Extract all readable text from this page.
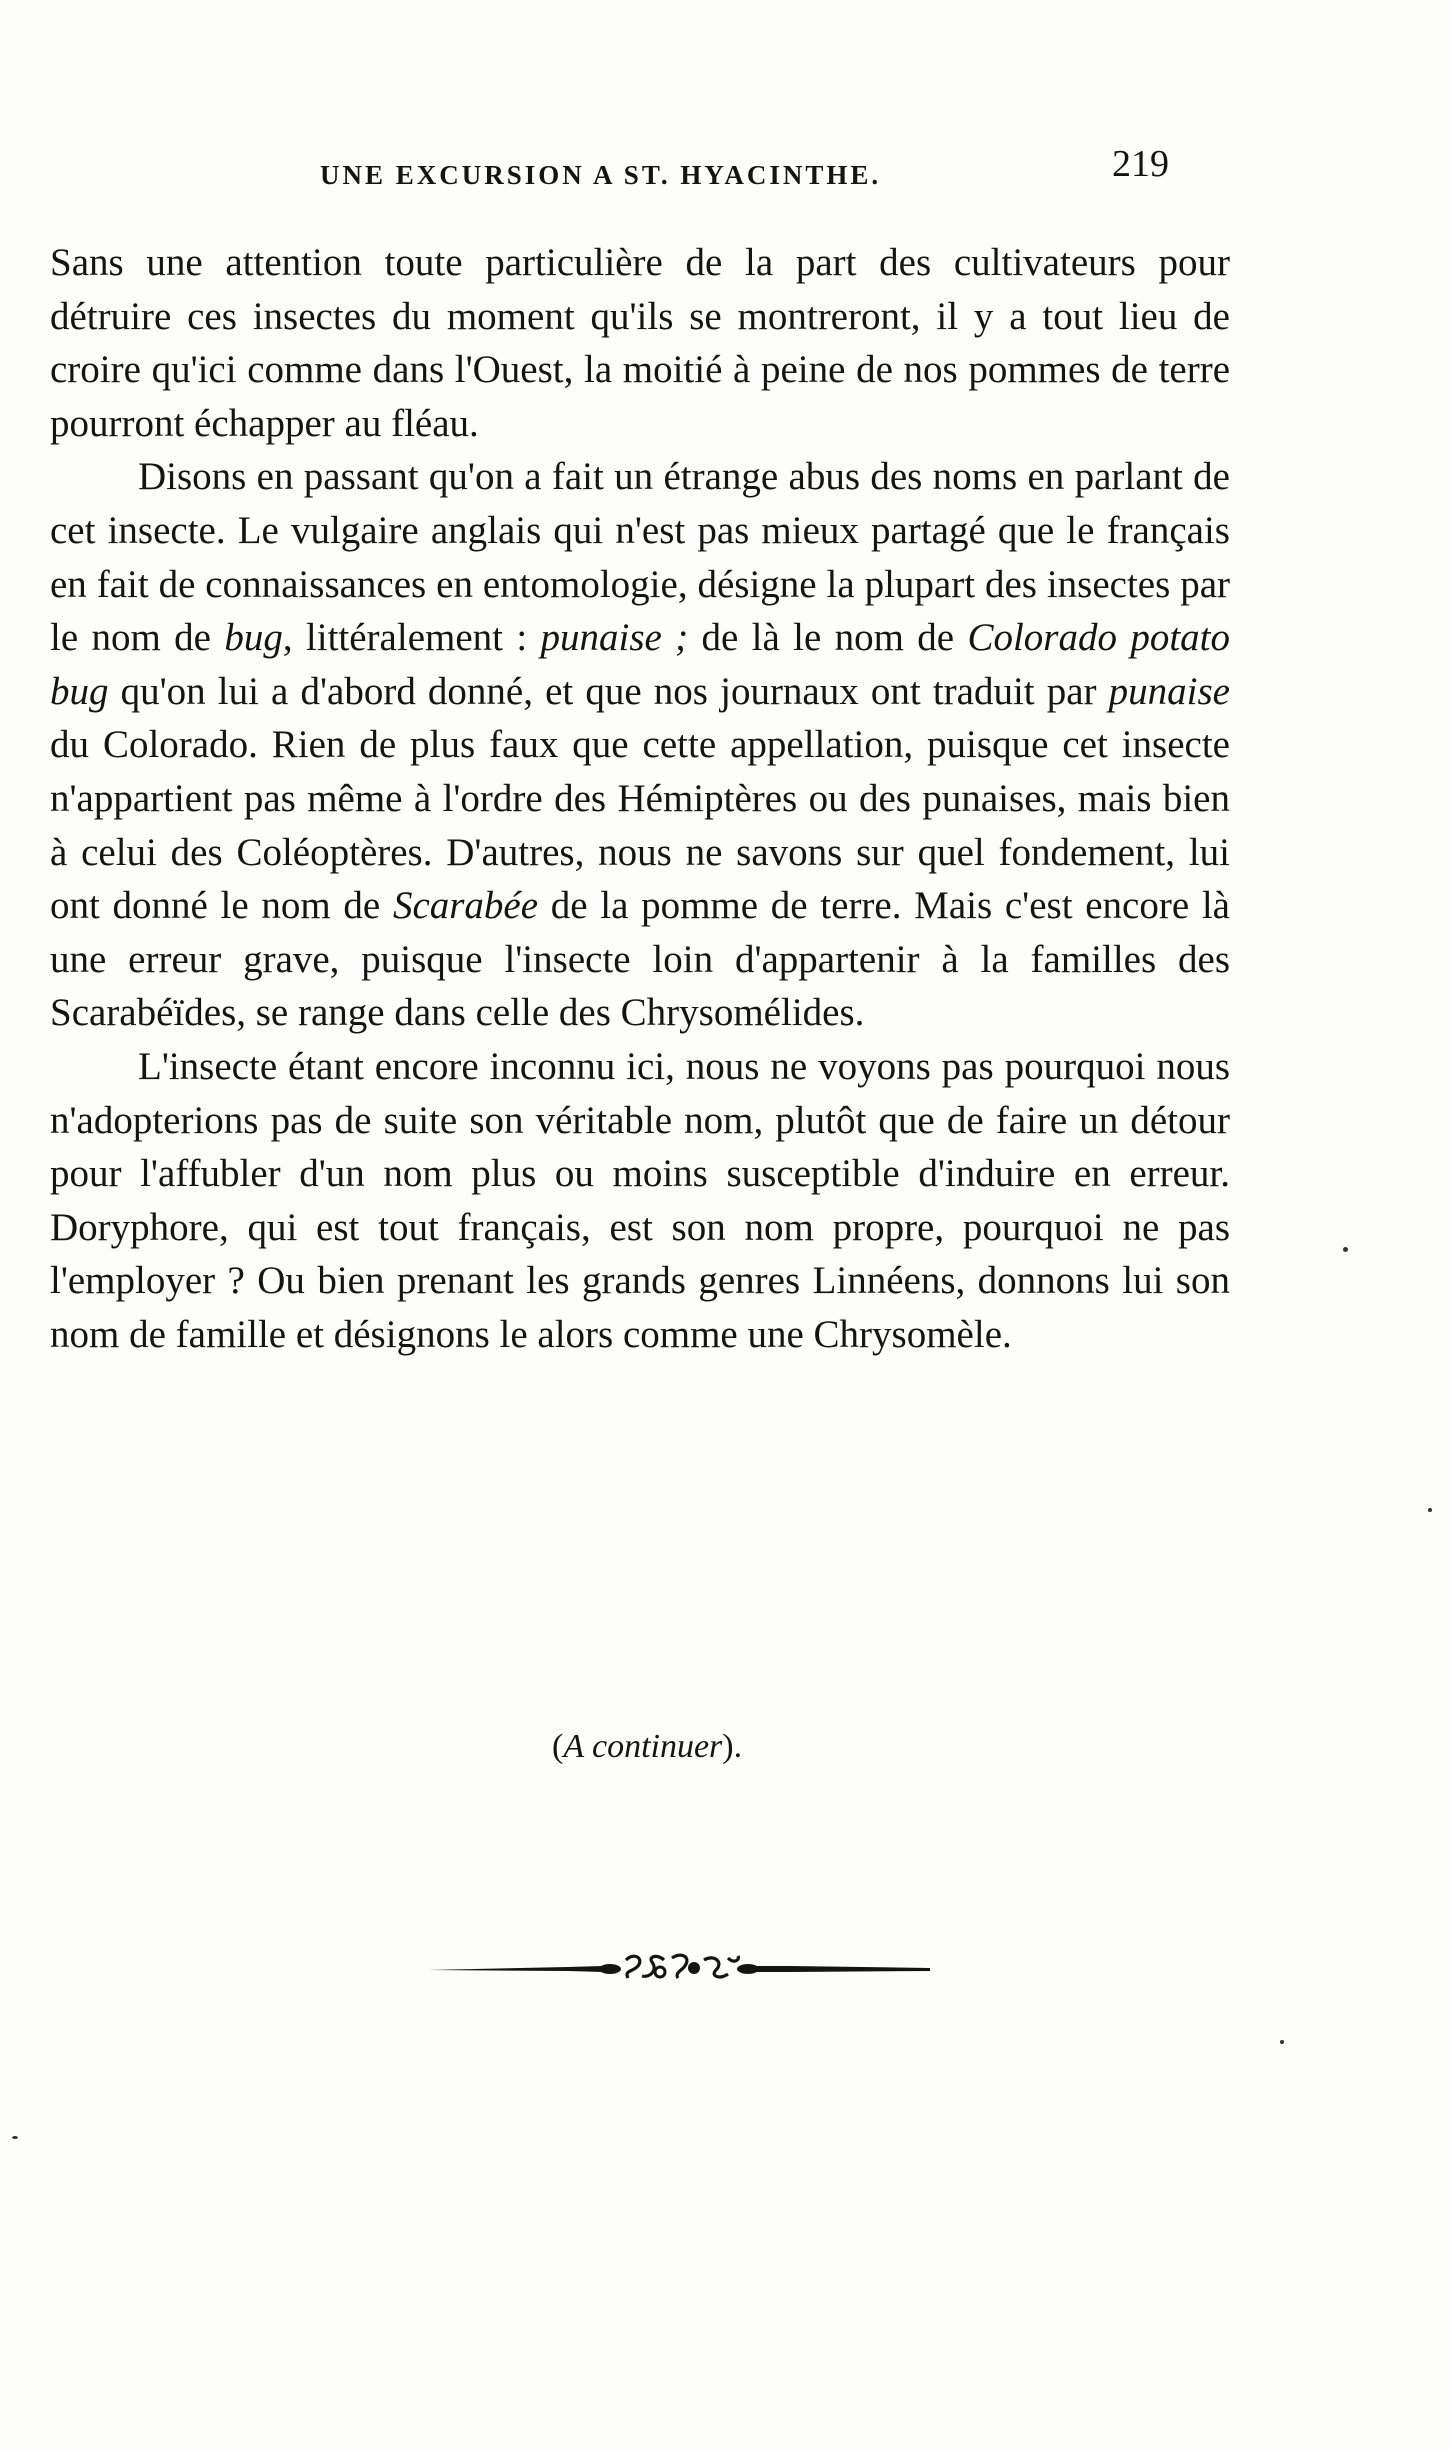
UNE EXCURSION A ST. HYACINTHE.	219

Sans une attention toute particulière de la part des cultivateurs pour détruire ces insectes du moment qu'ils se montreront, il y a tout lieu de croire qu'ici comme dans l'Ouest, la moitié à peine de nos pommes de terre pourront échapper au fléau.

Disons en passant qu'on a fait un étrange abus des noms en parlant de cet insecte. Le vulgaire anglais qui n'est pas mieux partagé que le français en fait de connaissances en entomologie, désigne la plupart des insectes par le nom de bug, littéralement : punaise ; de là le nom de Colorado potato bug qu'on lui a d'abord donné, et que nos journaux ont traduit par punaise du Colorado. Rien de plus faux que cette appellation, puisque cet insecte n'appartient pas même à l'ordre des Hémiptères ou des punaises, mais bien à celui des Coléoptères. D'autres, nous ne savons sur quel fondement, lui ont donné le nom de Scarabée de la pomme de terre. Mais c'est encore là une erreur grave, puisque l'insecte loin d'appartenir à la familles des Scarabéïdes, se range dans celle des Chrysomélides.

L'insecte étant encore inconnu ici, nous ne voyons pas pourquoi nous n'adopterions pas de suite son véritable nom, plutôt que de faire un détour pour l'affubler d'un nom plus ou moins susceptible d'induire en erreur. Doryphore, qui est tout français, est son nom propre, pourquoi ne pas l'employer ? Ou bien prenant les grands genres Linnéens, donnons lui son nom de famille et désignons le alors comme une Chrysomèle.

(A continuer).
